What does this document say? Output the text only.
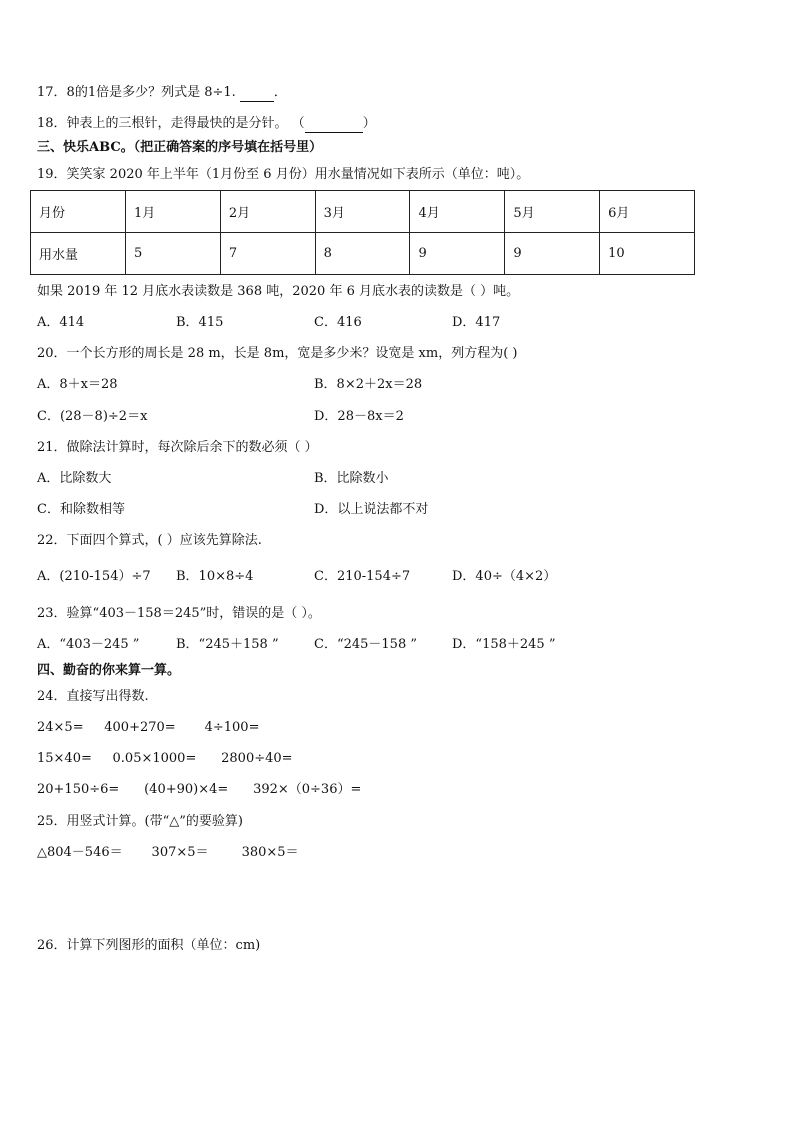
17．8的1倍是多少？列式是 8÷1.	．
18．钟表上的三根针，走得最快的是分针。 （	）
三、快乐ABC。（把正确答案的序号填在括号里）
19．笑笑家 2020 年上半年（1月份至 6 月份）用水量情况如下表所示（单位：吨）。
月份	1月	2月	3月	4月	5月	6月
用水量	5	7	8	9	9	10
如果 2019 年 12 月底水表读数是 368 吨，2020 年 6 月底水表的读数是（ ）吨。
A．414	B．415	C．416	D．417
20．一个长方形的周长是 28 m，长是 8m，宽是多少米？设宽是 xm，列方程为( )
A．8＋x＝28	B．8×2＋2x＝28
C．(28－8)÷2＝x	D．28－8x＝2
21．做除法计算时，每次除后余下的数必须（ ）
A．比除数大	B．比除数小
C．和除数相等	D．以上说法都不对
22．下面四个算式，( ）应该先算除法.
A．(210-154）÷7 B．10×8÷4	C．210-154÷7	D．40÷（4×2）
23．验算“403－158＝245”时，错误的是（ ）。
A．“403－245 ”	B．“245＋158 ”	C．“245－158 ”	D．“158＋245 ”
四、勤奋的你来算一算。
24．直接写出得数.
24×5=     400+270=       4÷100=
15×40=     0.05×1000=      2800÷40=
20+150÷6=      (40+90)×4=      392×（0÷36）=
25．用竖式计算。(带“△”的要验算)
△804－546＝       307×5＝        380×5＝
26．计算下列图形的面积（单位：cm)
